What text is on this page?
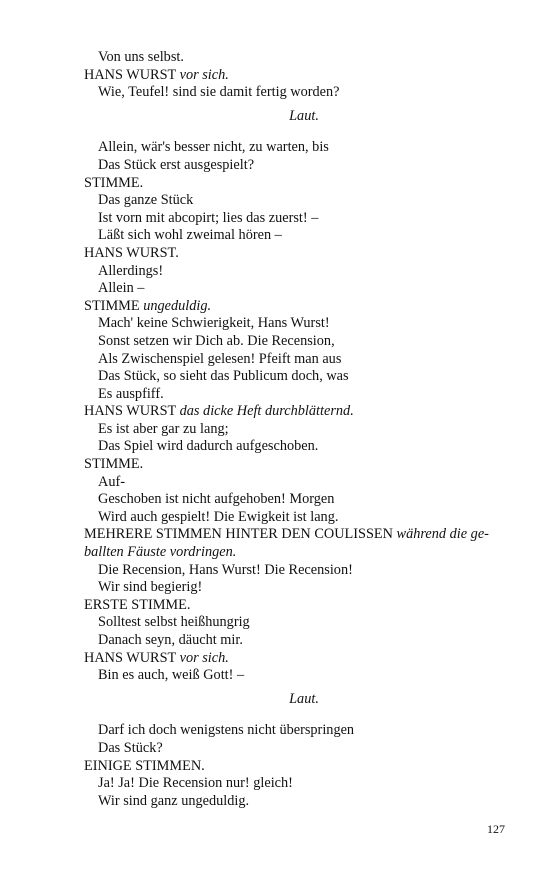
Von uns selbst.
HANS WURST vor sich.
Wie, Teufel! sind sie damit fertig worden?
Laut.
Allein, wär's besser nicht, zu warten, bis
Das Stück erst ausgespielt?
STIMME.
Das ganze Stück
Ist vorn mit abcopirt; lies das zuerst! –
Läßt sich wohl zweimal hören –
HANS WURST.
Allerdings!
Allein –
STIMME ungeduldig.
Mach' keine Schwierigkeit, Hans Wurst!
Sonst setzen wir Dich ab. Die Recension,
Als Zwischenspiel gelesen! Pfeift man aus
Das Stück, so sieht das Publicum doch, was
Es auspfiff.
HANS WURST das dicke Heft durchblätternd.
Es ist aber gar zu lang;
Das Spiel wird dadurch aufgeschoben.
STIMME.
Auf-
Geschoben ist nicht aufgehoben! Morgen
Wird auch gespielt! Die Ewigkeit ist lang.
MEHRERE STIMMEN HINTER DEN COULISSEN während die ge-
ballten Fäuste vordringen.
Die Recension, Hans Wurst! Die Recension!
Wir sind begierig!
ERSTE STIMME.
Solltest selbst heißhungrig
Danach seyn, däucht mir.
HANS WURST vor sich.
Bin es auch, weiß Gott! –
Laut.
Darf ich doch wenigstens nicht überspringen
Das Stück?
EINIGE STIMMEN.
Ja! Ja! Die Recension nur! gleich!
Wir sind ganz ungeduldig.
127
